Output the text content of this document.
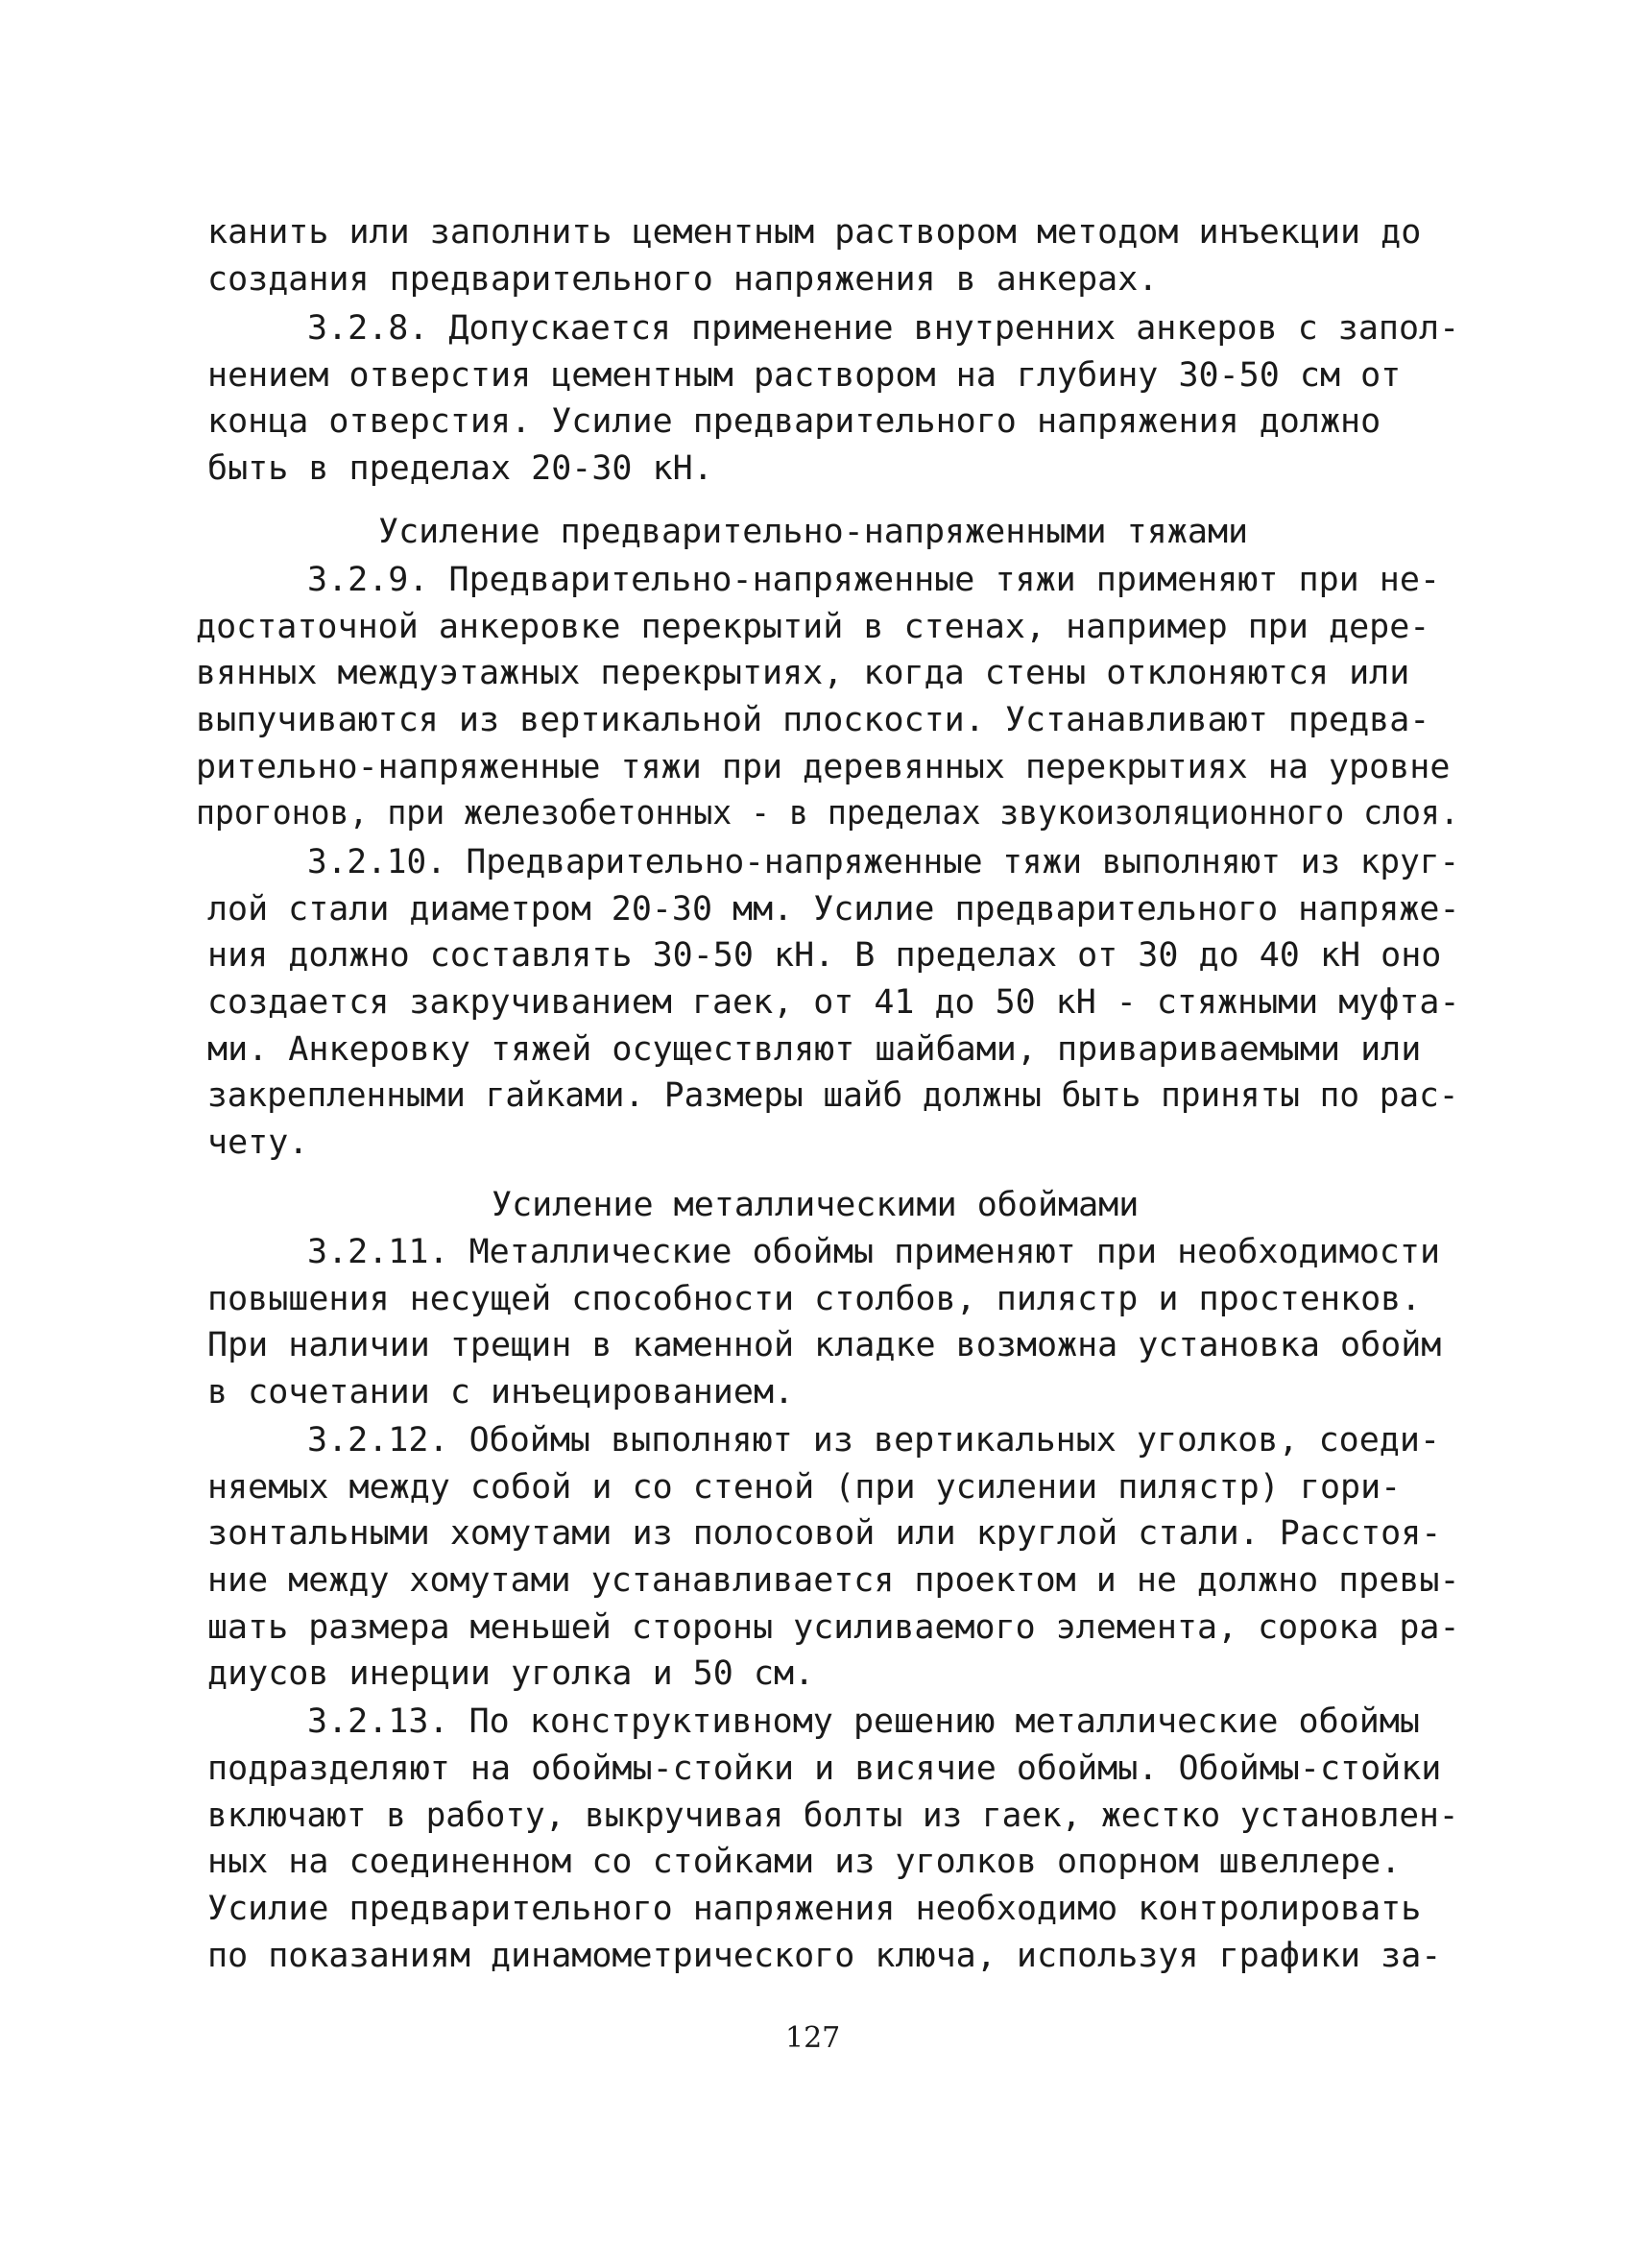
канить или заполнить цементным раствором методом инъекции до
создания предварительного напряжения в анкерах.
3.2.8. Допускается применение внутренних анкеров с запол-
нением отверстия цементным раствором на глубину 30-50 см от
конца отверстия. Усилие предварительного напряжения должно
быть в пределах 20-30 кН.
Усиление предварительно-напряженными тяжами
3.2.9. Предварительно-напряженные тяжи применяют при не-
достаточной анкеровке перекрытий в стенах, например при дере-
вянных междуэтажных перекрытиях, когда стены отклоняются или
выпучиваются из вертикальной плоскости. Устанавливают предва-
рительно-напряженные тяжи при деревянных перекрытиях на уровне
прогонов, при железобетонных - в пределах звукоизоляционного слоя.
3.2.10. Предварительно-напряженные тяжи выполняют из круг-
лой стали диаметром 20-30 мм. Усилие предварительного напряже-
ния должно составлять 30-50 кН. В пределах от 30 до 40 кН оно
создается закручиванием гаек, от 41 до 50 кН - стяжными муфта-
ми. Анкеровку тяжей осуществляют шайбами, привариваемыми или
закрепленными гайками. Размеры шайб должны быть приняты по рас-
чету.
Усиление металлическими обоймами
3.2.11. Металлические обоймы применяют при необходимости
повышения несущей способности столбов, пилястр и простенков.
При наличии трещин в каменной кладке возможна установка обойм
в сочетании с инъецированием.
3.2.12. Обоймы выполняют из вертикальных уголков, соеди-
няемых между собой и со стеной (при усилении пилястр) гори-
зонтальными хомутами из полосовой или круглой стали. Расстоя-
ние между хомутами устанавливается проектом и не должно превы-
шать размера меньшей стороны усиливаемого элемента, сорока ра-
диусов инерции уголка и 50 см.
3.2.13. По конструктивному решению металлические обоймы
подразделяют на обоймы-стойки и висячие обоймы. Обоймы-стойки
включают в работу, выкручивая болты из гаек, жестко установлен-
ных на соединенном со стойками из уголков опорном швеллере.
Усилие предварительного напряжения необходимо контролировать
по показаниям динамометрического ключа, используя графики за-
127
